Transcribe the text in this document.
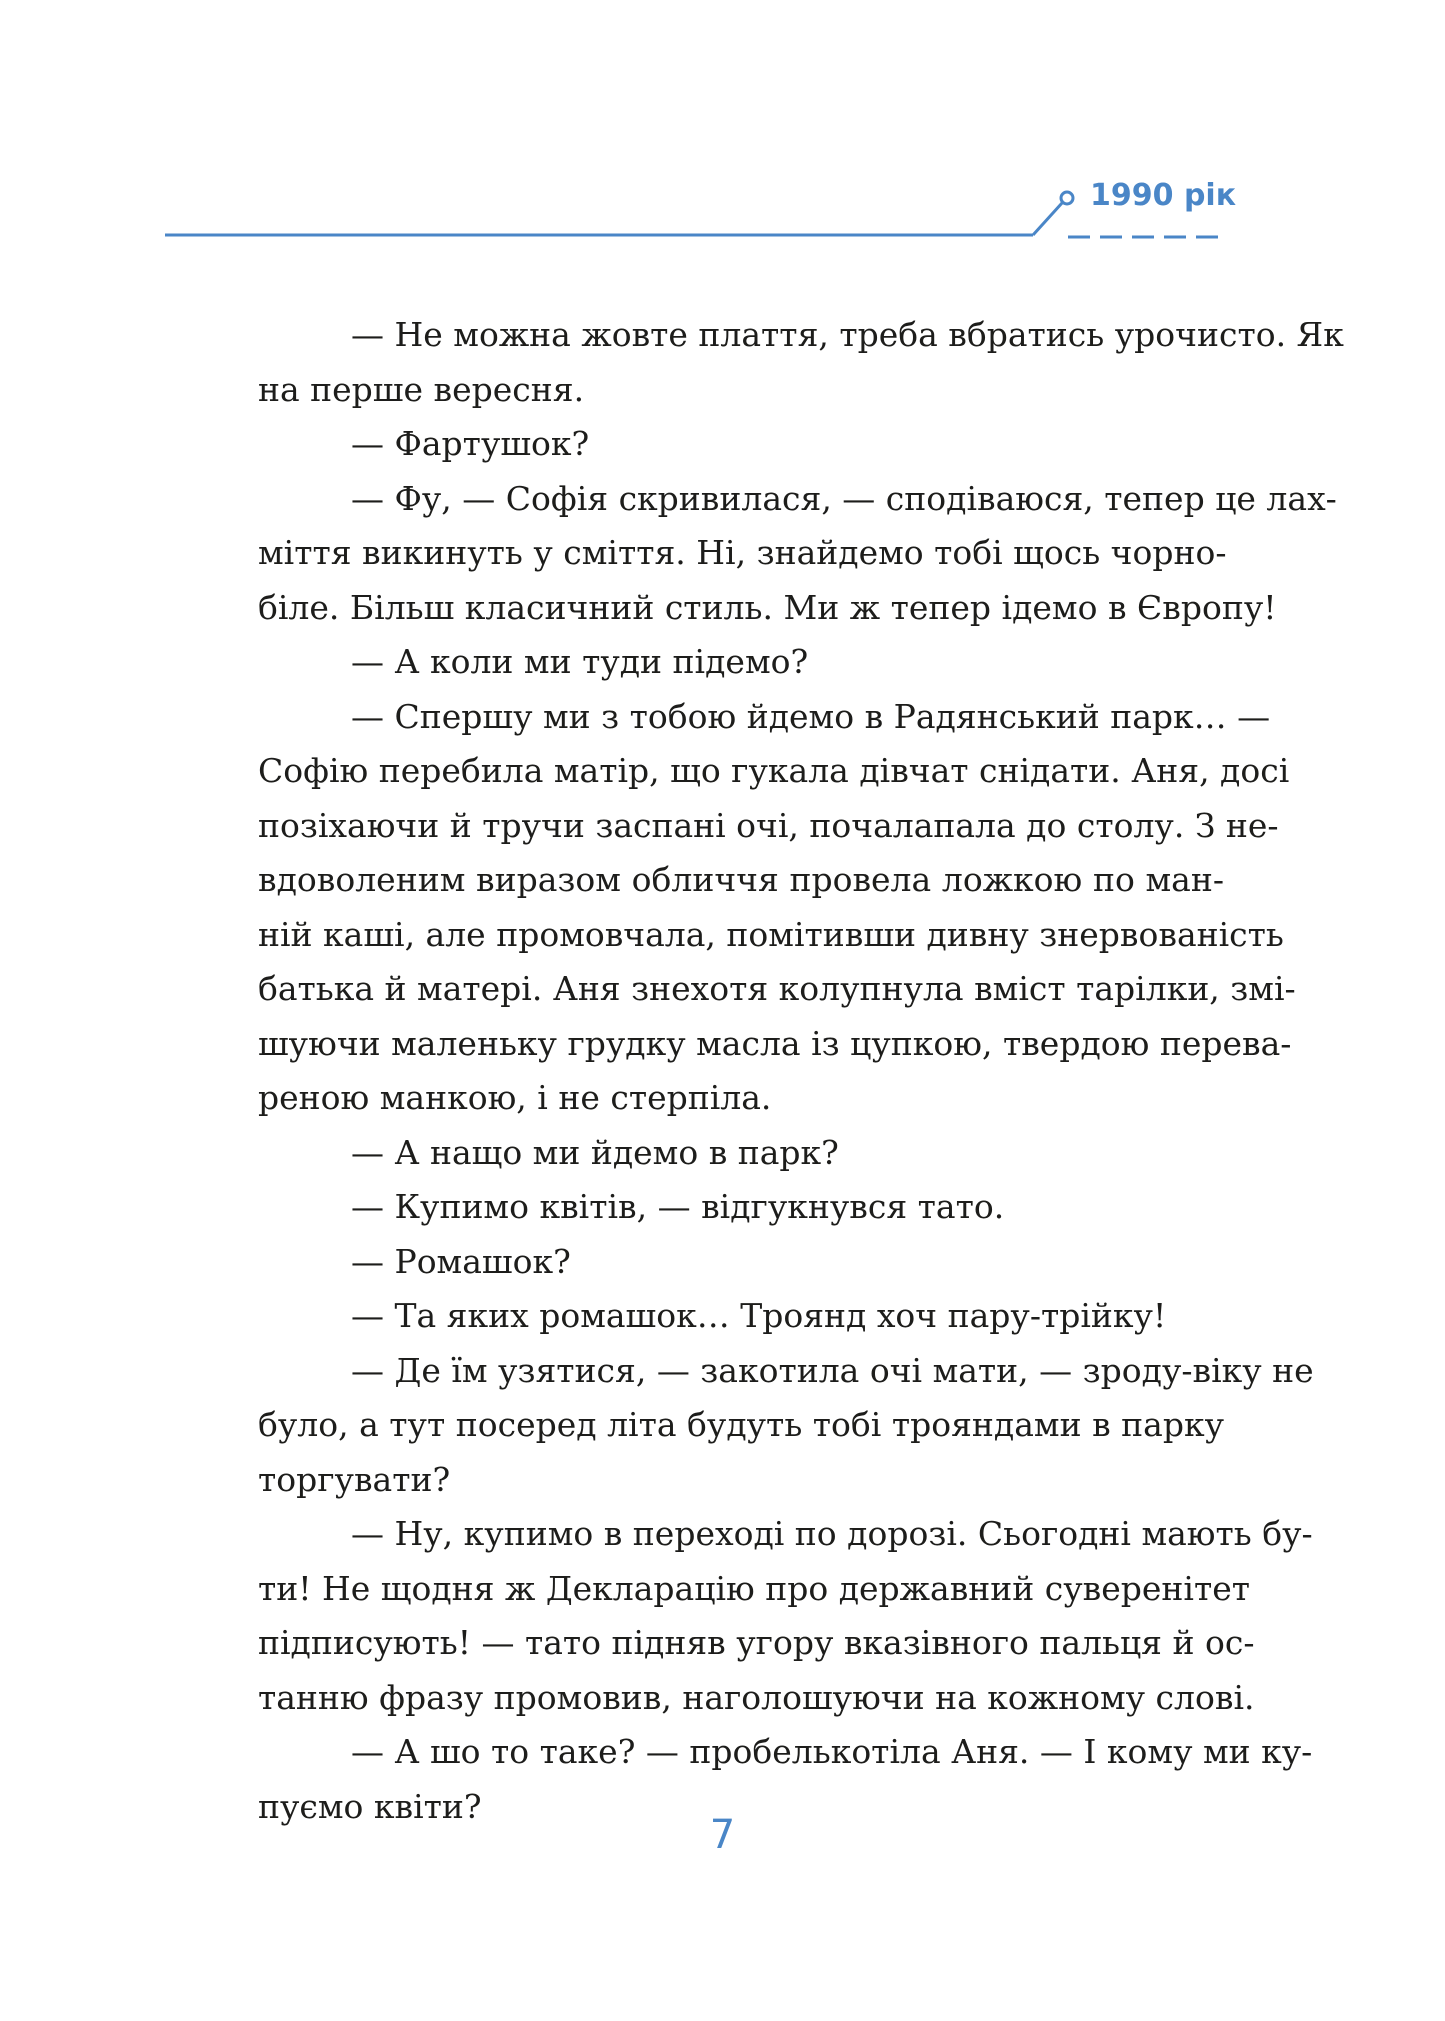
1990 рік
— Не можна жовте плаття, треба вбратись урочисто. Як
на перше вересня.
— Фартушок?
— Фу, — Софія скривилася, — сподіваюся, тепер це лах-
міття викинуть у сміття. Ні, знайдемо тобі щось чорно-
біле. Більш класичний стиль. Ми ж тепер ідемо в Європу!
— А коли ми туди підемо?
— Спершу ми з тобою йдемо в Радянський парк… —
Софію перебила матір, що гукала дівчат снідати. Аня, досі
позіхаючи й тручи заспані очі, почалапала до столу. З не-
вдоволеним виразом обличчя провела ложкою по ман-
ній каші, але промовчала, помітивши дивну знервованість
батька й матері. Аня знехотя колупнула вміст тарілки, змі-
шуючи маленьку грудку масла із цупкою, твердою перева-
реною манкою, і не стерпіла.
— А нащо ми йдемо в парк?
— Купимо квітів, — відгукнувся тато.
— Ромашок?
— Та яких ромашок… Троянд хоч пару-трійку!
— Де їм узятися, — закотила очі мати, — зроду-віку не
було, а тут посеред літа будуть тобі трояндами в парку
торгувати?
— Ну, купимо в переході по дорозі. Сьогодні мають бу-
ти! Не щодня ж Декларацію про державний суверенітет
підписують! — тато підняв угору вказівного пальця й ос-
танню фразу промовив, наголошуючи на кожному слові.
— А шо то таке? — пробелькотіла Аня. — І кому ми ку-
пуємо квіти?
7
